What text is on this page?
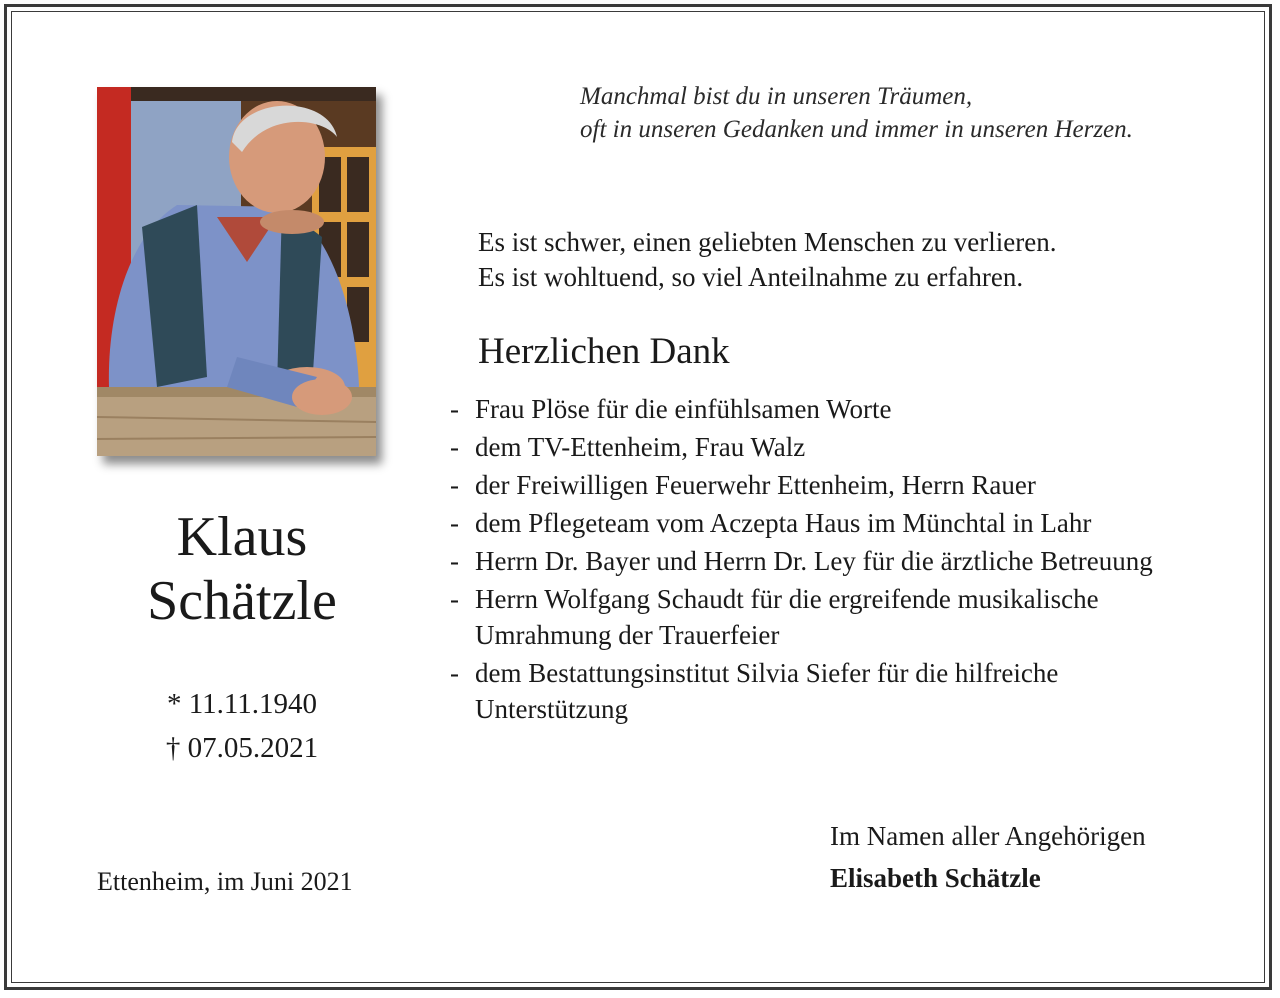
Manchmal bist du in unseren Träumen,
oft in unseren Gedanken und immer in unseren Herzen.
Klaus
Schätzle
* 11.11.1940
† 07.05.2021
Ettenheim, im Juni 2021
Es ist schwer, einen geliebten Menschen zu verlieren.
Es ist wohltuend, so viel Anteilnahme zu erfahren.
Herzlichen Dank
- Frau Plöse für die einfühlsamen Worte
- dem TV-Ettenheim, Frau Walz
- der Freiwilligen Feuerwehr Ettenheim, Herrn Rauer
- dem Pflegeteam vom Aczepta Haus im Münchtal in Lahr
- Herrn Dr. Bayer und Herrn Dr. Ley für die ärztliche Betreuung
- Herrn Wolfgang Schaudt für die ergreifende musikalische Umrahmung der Trauerfeier
- dem Bestattungsinstitut Silvia Siefer für die hilfreiche Unterstützung
Im Namen aller Angehörigen
Elisabeth Schätzle
